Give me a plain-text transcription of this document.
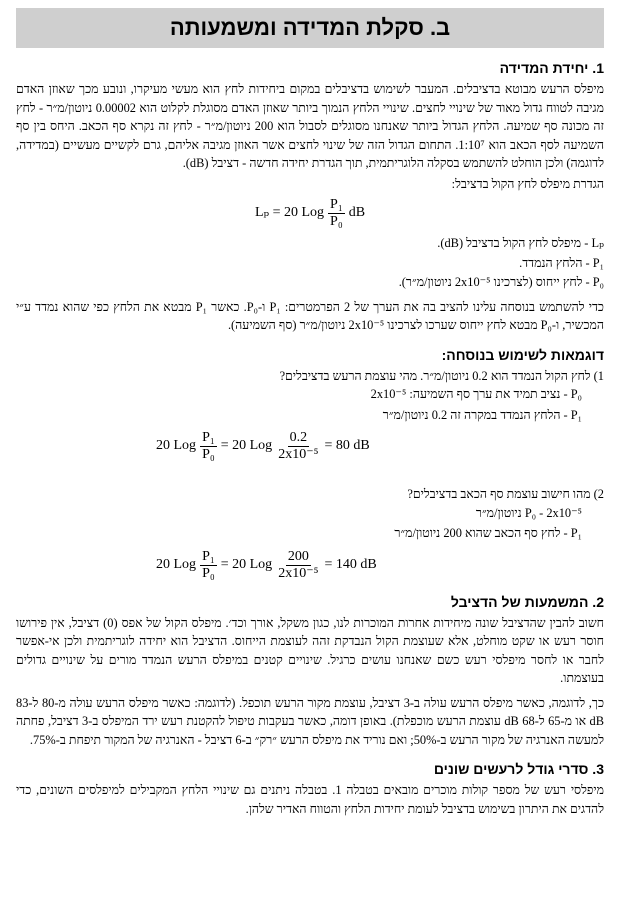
ב. סקלת המדידה ומשמעותה
1. יחידת המדידה

מיפלס הרעש מבוטא בדציבלים. המעבר לשימוש בדציבלים במקום ביחידות לחץ הוא מעשי מעיקרו, ונובע מכך שאוזן האדם מגיבה לטווח גדול מאוד של שינויי לחצים. שינויי הלחץ הנמוך ביותר שאוזן האדם מסוגלת לקלוט הוא 0.00002 ניוטון/מ״ר - לחץ זה מכונה סף שמיעה. הלחץ הגדול ביותר שאנחנו מסוגלים לסבול הוא 200 ניוטון/מ״ר - לחץ זה נקרא סף הכאב. היחס בין סף השמיעה לסף הכאב הוא 1:10⁷. התחום הגדול הזה של שינוי לחצים אשר האוזן מגיבה אליהם, גרם לקשיים מעשיים (במדידה, לדוגמה) ולכן הוחלט להשתמש בסקלה הלוגריתמית, תוך הגדרת יחידה חדשה - דציבל (dB).

הגדרת מיפלס לחץ הקול בדציבל:

Lₚ = 20 Log $\frac{\text{P₁}}{\text{P₀}}$ dB

Lₚ - מיפלס לחץ הקול בדציבל (dB).

P₁ - הלחץ הנמדד.

P₀ - לחץ ייחוס (לצרכינו 2x10⁻⁵ ניוטון/מ״ר).

כדי להשתמש בנוסחה עלינו להציב בה את הערך של 2 הפרמטרים: P₁ ו-P₀. כאשר P₁ מבטא את הלחץ כפי שהוא נמדד ע״י המכשיר, ו-P₀ מבטא לחץ ייחוס שערכו לצרכינו 2x10⁻⁵ ניוטון/מ״ר (סף השמיעה).

דוגמאות לשימוש בנוסחה:

1) לחץ הקול הנמדד הוא 0.2 ניוטון/מ״ר. מהי עוצמת הרעש בדציבלים?

P₀ - נציב תמיד את ערך סף השמיעה: 2x10⁻⁵

P₁ - הלחץ הנמדד במקרה זה 0.2 ניוטון/מ״ר

20 Log $\frac{\text{P₁}}{\text{P₀}} = 20$ Log $\frac{0.2}{\text{2x10⁻⁵}} = 80$ dB

2) מהו חישוב עוצמת סף הכאב בדציבלים?

P₀ - 2x10⁻⁵ ניוטון/מ״ר

P₁ - לחץ סף הכאב שהוא 200 ניוטון/מ״ר

20 Log $\frac{\text{P₁}}{\text{P₀}} = 20$ Log $\frac{200}{\text{2x10⁻⁵}} = 140$ dB
2. המשמעות של הדציבל

חשוב להבין שהדציבל שונה מיחידות אחרות המוכרות לנו, כגון משקל, אורך וכד׳. מיפלס הקול של אפס (0) דציבל, אין פירושו חוסר רעש או שקט מוחלט, אלא שעוצמת הקול הנבדקת זהה לעוצמת הייחוס. הדציבל הוא יחידה לוגריתמית ולכן אי-אפשר לחבר או לחסר מיפלסי רעש כשם שאנחנו עושים כרגיל. שינויים קטנים במיפלס הרעש הנמדד מורים על שינויים גדולים בעוצמתו.

כך, לדוגמה, כאשר מיפלס הרעש עולה ב-3 דציבל, עוצמת מקור הרעש תוכפל. (לדוגמה: כאשר מיפלס הרעש עולה מ-80 ל-83 dB או מ-65 ל-68 dB עוצמת הרעש מוכפלת). באופן דומה, כאשר בעקבות טיפול להקטנת רעש ירד המיפלס ב-3 דציבל, פחתה למעשה האנרגיה של מקור הרעש ב-50%; ואם נוריד את מיפלס הרעש ״רק״ ב-6 דציבל - האנרגיה של המקור תיפחת ב-75%.

3. סדרי גודל לרעשים שונים

מיפלסי רעש של מספר קולות מוכרים מובאים בטבלה 1. בטבלה ניתנים גם שינויי הלחץ המקבילים למיפלסים השונים, כדי להדגים את היתרון בשימוש בדציבל לעומת יחידות הלחץ והטווח האדיר שלהן.
